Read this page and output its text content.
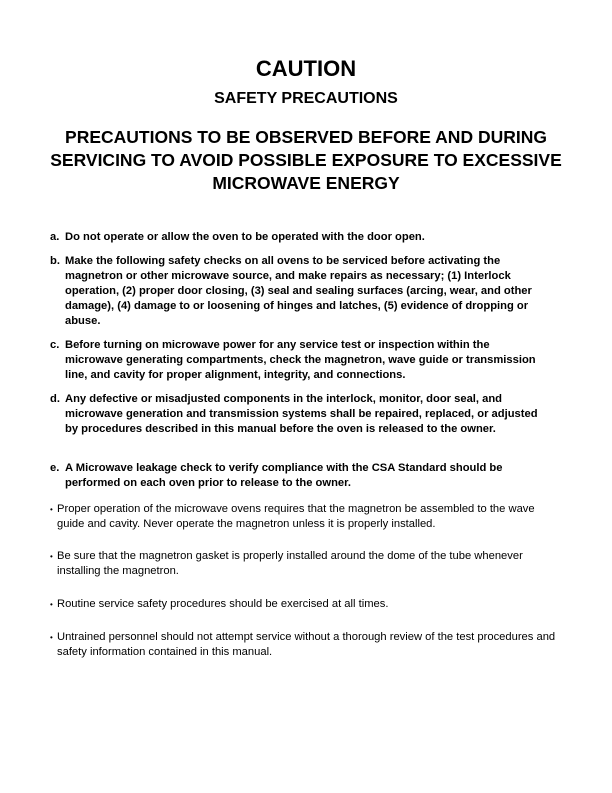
CAUTION
SAFETY PRECAUTIONS
PRECAUTIONS TO BE OBSERVED BEFORE AND DURING SERVICING TO AVOID POSSIBLE EXPOSURE TO EXCESSIVE MICROWAVE ENERGY
a. Do not operate or allow the oven to be operated with the door open.
b. Make the following safety checks on all ovens to be serviced before activating the magnetron or other microwave source, and make repairs as necessary; (1) Interlock operation, (2) proper door closing, (3) seal and sealing surfaces (arcing, wear, and other damage), (4) damage to or loosening of hinges and latches, (5) evidence of dropping or abuse.
c. Before turning on microwave power for any service test or inspection within the microwave generating compartments, check the magnetron, wave guide or transmission line, and cavity for proper alignment, integrity, and connections.
d. Any defective or misadjusted components in the interlock, monitor, door seal, and microwave generation and transmission systems shall be repaired, replaced, or adjusted by procedures described in this manual before the oven is released to the owner.
e. A Microwave leakage check to verify compliance with the CSA Standard should be performed on each oven prior to release to the owner.
• Proper operation of the microwave ovens requires that the magnetron be assembled to the wave guide and cavity. Never operate the magnetron unless it is properly installed.
• Be sure that the magnetron gasket is properly installed around the dome of the tube whenever installing the magnetron.
• Routine service safety procedures should be exercised at all times.
• Untrained personnel should not attempt service without a thorough review of the test procedures and safety information contained in this manual.
